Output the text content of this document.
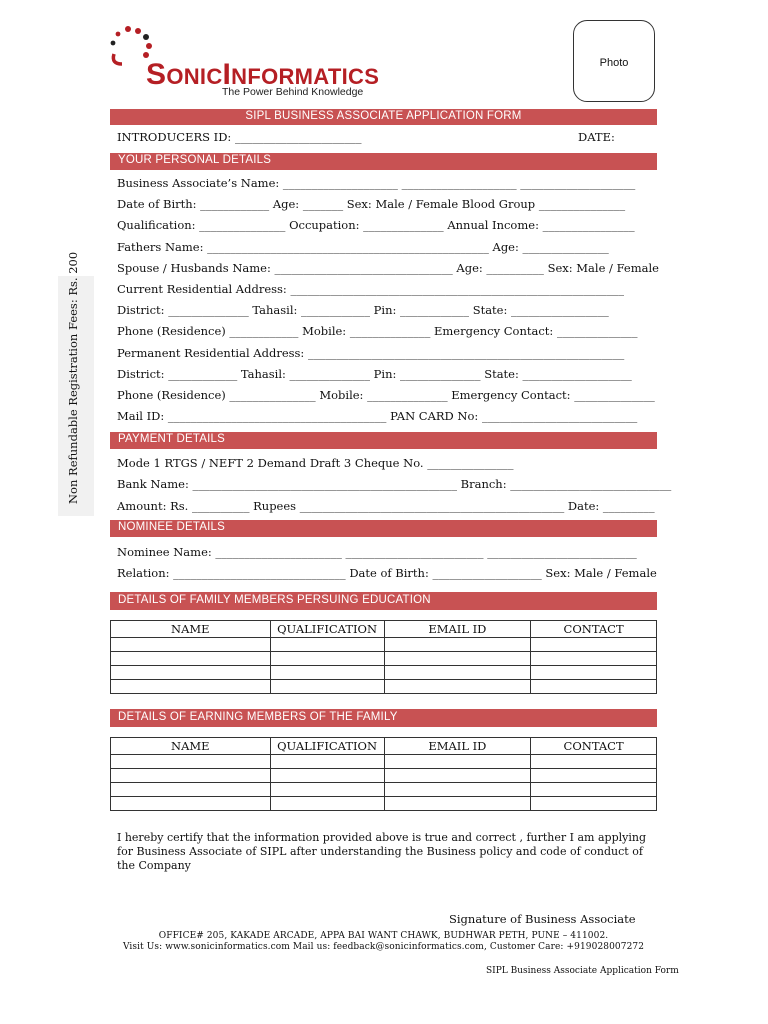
SONICINFORMATICS
The Power Behind Knowledge
Photo
SIPL BUSINESS ASSOCIATE APPLICATION FORM
INTRODUCERS ID: ______________________	DATE:
YOUR PERSONAL DETAILS
Business Associate’s Name: ____________________ ____________________ ____________________
Date of Birth: ____________ Age: _______ Sex: Male / Female Blood Group _______________
Qualification: _______________ Occupation: ______________ Annual Income: ________________
Fathers Name: _________________________________________________ Age: _______________
Spouse / Husbands Name: _______________________________ Age: __________ Sex: Male / Female
Current Residential Address: __________________________________________________________
District: ______________ Tahasil: ____________ Pin: ____________ State: _________________
Phone (Residence) ____________ Mobile: ______________ Emergency Contact: ______________
Permanent Residential Address: _______________________________________________________
District: ____________ Tahasil: ______________ Pin: ______________ State: ___________________
Phone (Residence) _______________ Mobile: ______________ Emergency Contact: ______________
Mail ID: ______________________________________ PAN CARD No: ___________________________
Non Refundable Registration Fees: Rs. 200	PAYMENT DETAILS
Mode 1 RTGS / NEFT 2 Demand Draft 3 Cheque No. _______________
Bank Name: ______________________________________________ Branch: ____________________________
Amount: Rs. __________ Rupees ______________________________________________ Date: _________
NOMINEE DETAILS
Nominee Name: ______________________ ________________________ __________________________
Relation: ______________________________ Date of Birth: ___________________ Sex: Male / Female
DETAILS OF FAMILY MEMBERS PERSUING EDUCATION
NAME	QUALIFICATION	EMAIL ID	CONTACT

DETAILS OF EARNING MEMBERS OF THE FAMILY
NAME	QUALIFICATION	EMAIL ID	CONTACT

I hereby certify that the information provided above is true and correct , further I am applying for Business Associate of SIPL after understanding the Business policy and code of conduct of the Company
Signature of Business Associate
OFFICE# 205, KAKADE ARCADE, APPA BAI WANT CHAWK, BUDHWAR PETH, PUNE – 411002.
Visit Us: www.sonicinformatics.com Mail us: feedback@sonicinformatics.com, Customer Care: +919028007272
SIPL Business Associate Application Form
